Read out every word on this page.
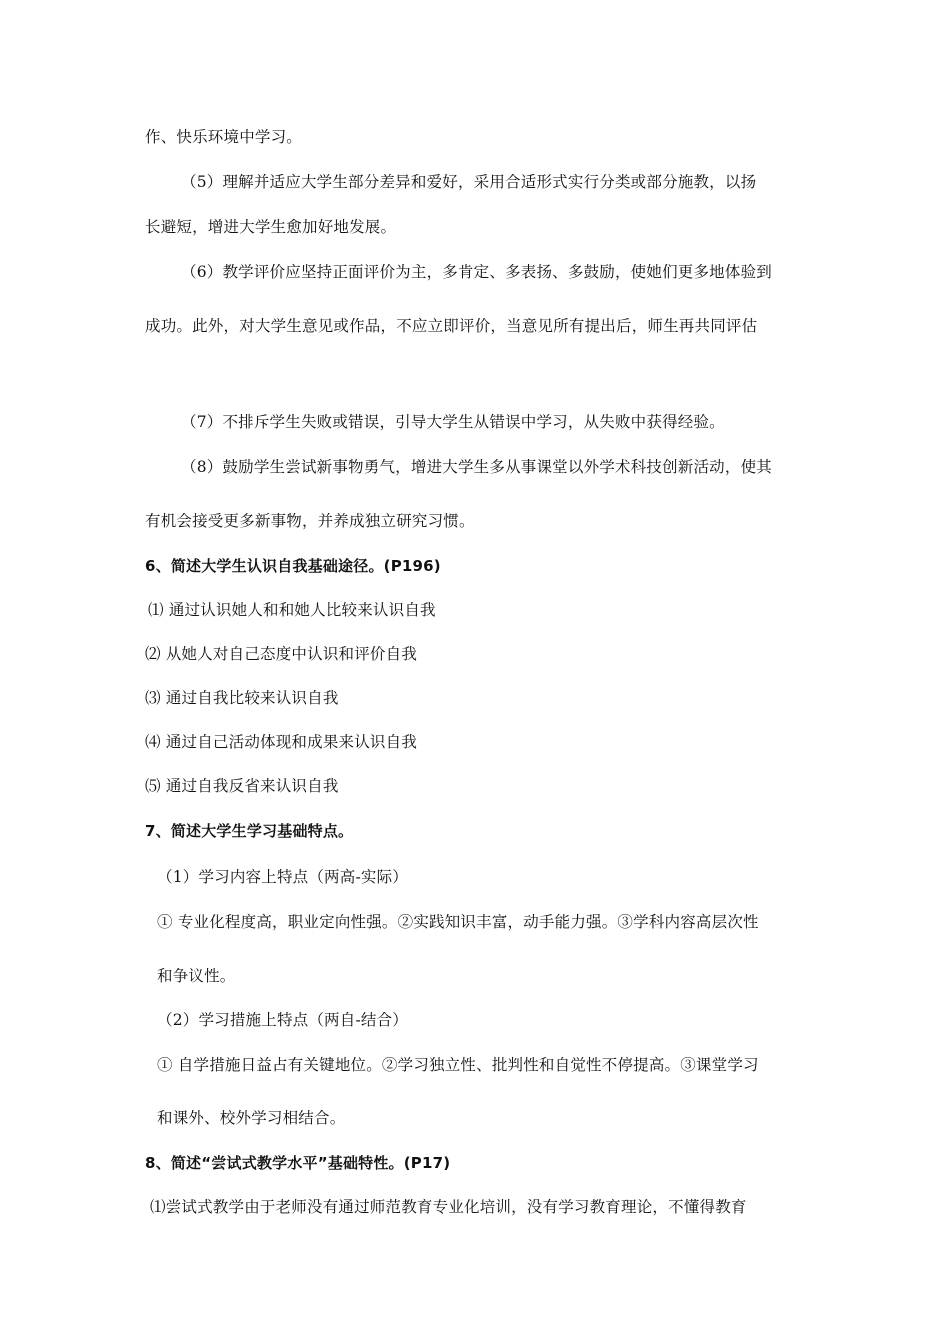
作、快乐环境中学习。
（5）理解并适应大学生部分差异和爱好，采用合适形式实行分类或部分施教，以扬
长避短，增进大学生愈加好地发展。
（6）教学评价应坚持正面评价为主，多肯定、多表扬、多鼓励，使她们更多地体验到
成功。此外，对大学生意见或作品，不应立即评价，当意见所有提出后，师生再共同评估
（7）不排斥学生失败或错误，引导大学生从错误中学习，从失败中获得经验。
（8）鼓励学生尝试新事物勇气，增进大学生多从事课堂以外学术科技创新活动，使其
有机会接受更多新事物，并养成独立研究习惯。
6、简述大学生认识自我基础途径。(P196)
⑴ 通过认识她人和和她人比较来认识自我
⑵ 从她人对自己态度中认识和评价自我
⑶ 通过自我比较来认识自我
⑷ 通过自己活动体现和成果来认识自我
⑸ 通过自我反省来认识自我
7、简述大学生学习基础特点。
（1）学习内容上特点（两高-实际）
① 专业化程度高，职业定向性强。②实践知识丰富，动手能力强。③学科内容高层次性
和争议性。
（2）学习措施上特点（两自-结合）
① 自学措施日益占有关键地位。②学习独立性、批判性和自觉性不停提高。③课堂学习
和课外、校外学习相结合。
8、简述“尝试式教学水平”基础特性。(P17)
⑴尝试式教学由于老师没有通过师范教育专业化培训，没有学习教育理论，不懂得教育
